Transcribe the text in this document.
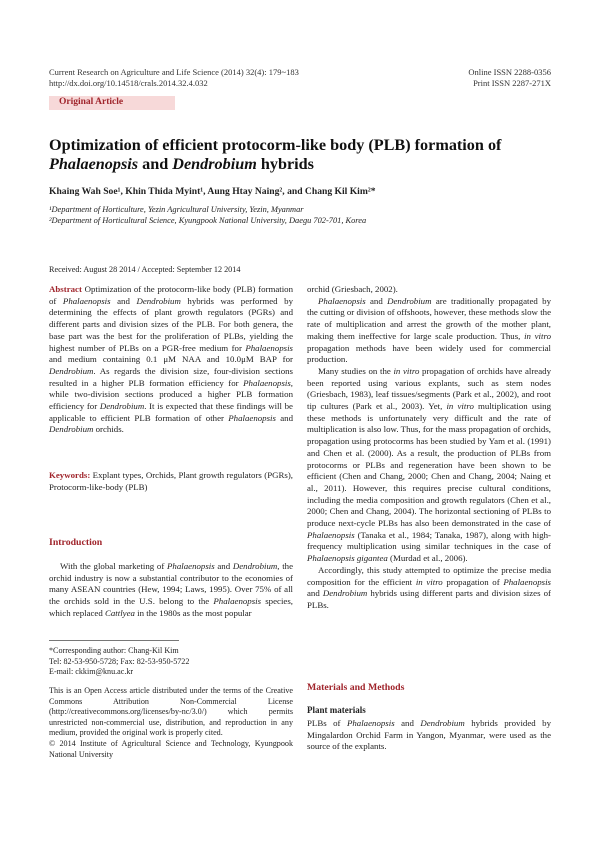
Current Research on Agriculture and Life Science (2014) 32(4): 179~183
http://dx.doi.org/10.14518/crals.2014.32.4.032
Online ISSN 2288-0356
Print ISSN 2287-271X
Original Article
Optimization of efficient protocorm-like body (PLB) formation of
Phalaenopsis and Dendrobium hybrids
Khaing Wah Soe¹, Khin Thida Myint¹, Aung Htay Naing², and Chang Kil Kim²*
¹Department of Horticulture, Yezin Agricultural University, Yezin, Myanmar
²Department of Horticultural Science, Kyungpook National University, Daegu 702-701, Korea
Received: August 28 2014 / Accepted: September 12 2014
Abstract Optimization of the protocorm-like body (PLB) formation of Phalaenopsis and Dendrobium hybrids was performed by determining the effects of plant growth regulators (PGRs) and different parts and division sizes of the PLB. For both genera, the base part was the best for the proliferation of PLBs, yielding the highest number of PLBs on a PGR-free medium for Phalaenopsis and medium containing 0.1 μM NAA and 10.0μM BAP for Dendrobium. As regards the division size, four-division sections resulted in a higher PLB formation efficiency for Phalaenopsis, while two-division sections produced a higher PLB formation efficiency for Dendrobium. It is expected that these findings will be applicable to efficient PLB formation of other Phalaenopsis and Dendrobium orchids.
Keywords: Explant types, Orchids, Plant growth regulators (PGRs), Protocorm-like-body (PLB)
Introduction
With the global marketing of Phalaenopsis and Dendrobium, the orchid industry is now a substantial contributor to the economies of many ASEAN countries (Hew, 1994; Laws, 1995). Over 75% of all the orchids sold in the U.S. belong to the Phalaenopsis species, which replaced Cattlyea in the 1980s as the most popular
*Corresponding author: Chang-Kil Kim
Tel: 82-53-950-5728; Fax: 82-53-950-5722
E-mail: ckkim@knu.ac.kr
This is an Open Access article distributed under the terms of the Creative Commons Attribution Non-Commercial License (http://creativecommons.org/licenses/by-nc/3.0/) which permits unrestricted non-commercial use, distribution, and reproduction in any medium, provided the original work is properly cited.
© 2014 Institute of Agricultural Science and Technology, Kyungpook National University

orchid (Griesbach, 2002).

Phalaenopsis and Dendrobium are traditionally propagated by the cutting or division of offshoots, however, these methods slow the rate of multiplication and arrest the growth of the mother plant, making them ineffective for large scale production. Thus, in vitro propagation methods have been widely used for commercial production.

Many studies on the in vitro propagation of orchids have already been reported using various explants, such as stem nodes (Griesbach, 1983), leaf tissues/segments (Park et al., 2002), and root tip cultures (Park et al., 2003). Yet, in vitro multiplication using these methods is unfortunately very difficult and the rate of multiplication is also low. Thus, for the mass propagation of orchids, propagation using protocorms has been studied by Yam et al. (1991) and Chen et al. (2000). As a result, the production of PLBs from protocorms or PLBs and regeneration have been shown to be efficient (Chen and Chang, 2000; Chen and Chang, 2004; Naing et al., 2011). However, this requires precise cultural conditions, including the media composition and growth regulators (Chen et al., 2000; Chen and Chang, 2004). The horizontal sectioning of PLBs to produce next-cycle PLBs has also been demonstrated in the case of Phalaenopsis (Tanaka et al., 1984; Tanaka, 1987), along with high-frequency multiplication using similar techniques in the case of Phalaenopsis gigantea (Murdad et al., 2006).

Accordingly, this study attempted to optimize the precise media composition for the efficient in vitro propagation of Phalaenopsis and Dendrobium hybrids using different parts and division sizes of PLBs.

Materials and Methods
Plant materials
PLBs of Phalaenopsis and Dendrobium hybrids provided by Mingalardon Orchid Farm in Yangon, Myanmar, were used as the source of the explants.
